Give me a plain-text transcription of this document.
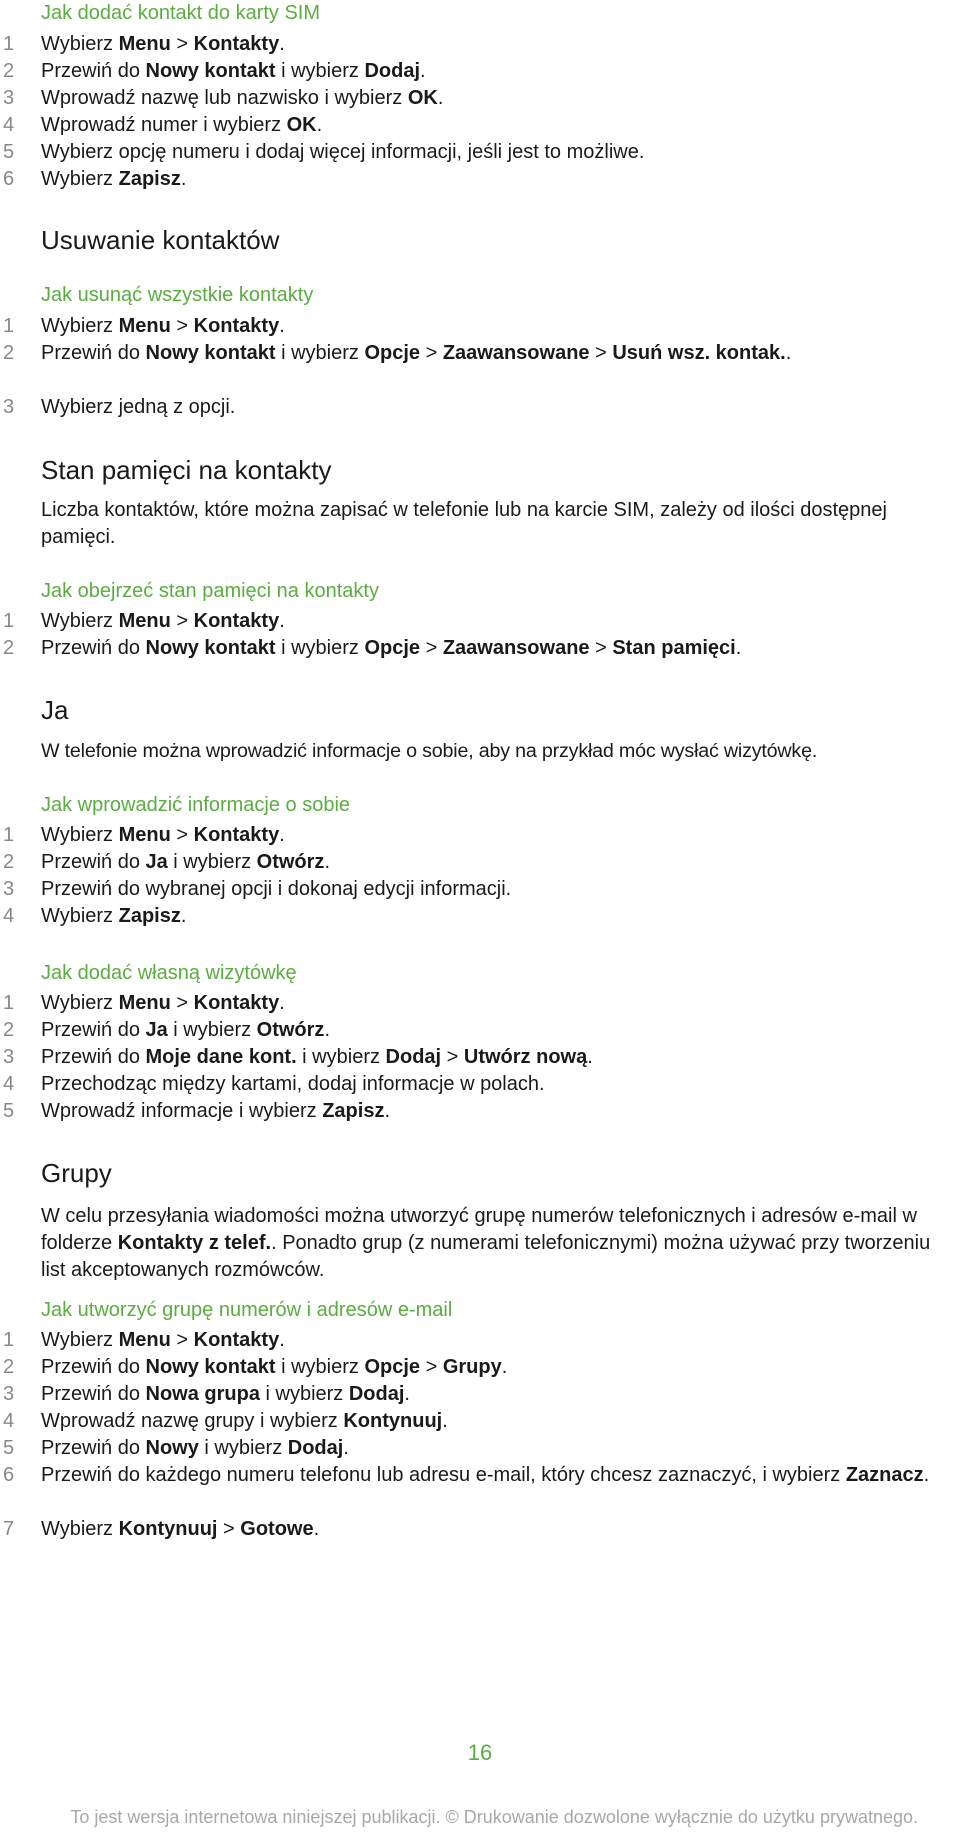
Jak dodać kontakt do karty SIM
1	Wybierz Menu > Kontakty.
2	Przewiń do Nowy kontakt i wybierz Dodaj.
3	Wprowadź nazwę lub nazwisko i wybierz OK.
4	Wprowadź numer i wybierz OK.
5	Wybierz opcję numeru i dodaj więcej informacji, jeśli jest to możliwe.
6	Wybierz Zapisz.
Usuwanie kontaktów
Jak usunąć wszystkie kontakty
1	Wybierz Menu > Kontakty.
2	Przewiń do Nowy kontakt i wybierz Opcje > Zaawansowane > Usuń wsz. kontak..
3	Wybierz jedną z opcji.
Stan pamięci na kontakty
Liczba kontaktów, które można zapisać w telefonie lub na karcie SIM, zależy od ilości dostępnej pamięci.
Jak obejrzeć stan pamięci na kontakty
1	Wybierz Menu > Kontakty.
2	Przewiń do Nowy kontakt i wybierz Opcje > Zaawansowane > Stan pamięci.
Ja
W telefonie można wprowadzić informacje o sobie, aby na przykład móc wysłać wizytówkę.
Jak wprowadzić informacje o sobie
1	Wybierz Menu > Kontakty.
2	Przewiń do Ja i wybierz Otwórz.
3	Przewiń do wybranej opcji i dokonaj edycji informacji.
4	Wybierz Zapisz.
Jak dodać własną wizytówkę
1	Wybierz Menu > Kontakty.
2	Przewiń do Ja i wybierz Otwórz.
3	Przewiń do Moje dane kont. i wybierz Dodaj > Utwórz nową.
4	Przechodząc między kartami, dodaj informacje w polach.
5	Wprowadź informacje i wybierz Zapisz.
Grupy
W celu przesyłania wiadomości można utworzyć grupę numerów telefonicznych i adresów e-mail w folderze Kontakty z telef.. Ponadto grup (z numerami telefonicznymi) można używać przy tworzeniu list akceptowanych rozmówców.
Jak utworzyć grupę numerów i adresów e-mail
1	Wybierz Menu > Kontakty.
2	Przewiń do Nowy kontakt i wybierz Opcje > Grupy.
3	Przewiń do Nowa grupa i wybierz Dodaj.
4	Wprowadź nazwę grupy i wybierz Kontynuuj.
5	Przewiń do Nowy i wybierz Dodaj.
6	Przewiń do każdego numeru telefonu lub adresu e-mail, który chcesz zaznaczyć, i wybierz Zaznacz.
7	Wybierz Kontynuuj > Gotowe.
16
To jest wersja internetowa niniejszej publikacji. © Drukowanie dozwolone wyłącznie do użytku prywatnego.
